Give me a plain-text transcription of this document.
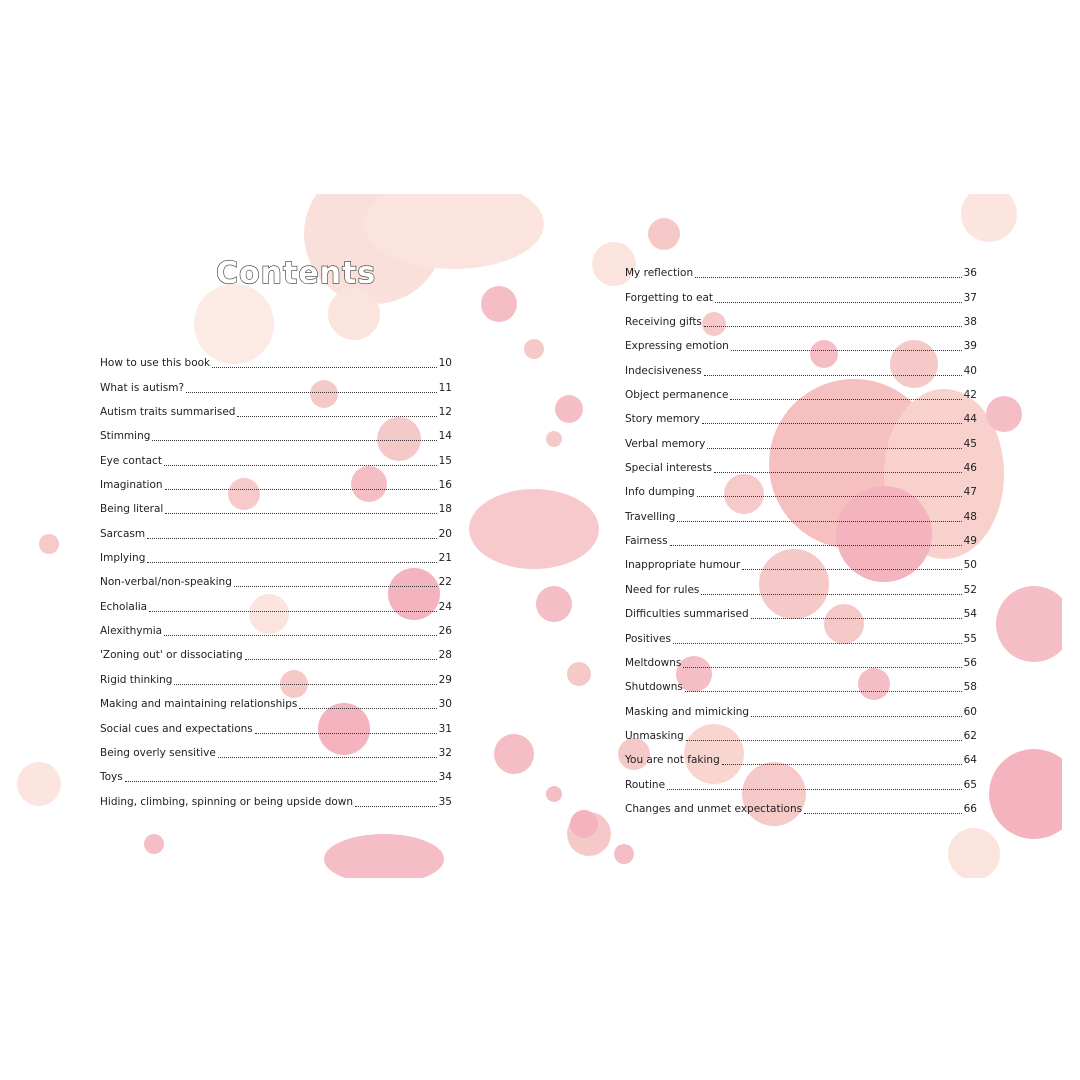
Contents
How to use this book	10
What is autism?	11
Autism traits summarised	12
Stimming	14
Eye contact	15
Imagination	16
Being literal	18
Sarcasm	20
Implying	21
Non-verbal/non-speaking	22
Echolalia	24
Alexithymia	26
'Zoning out' or dissociating	28
Rigid thinking	29
Making and maintaining relationships	30
Social cues and expectations	31
Being overly sensitive	32
Toys	34
Hiding, climbing, spinning or being upside down	35
My reflection	36
Forgetting to eat	37
Receiving gifts	38
Expressing emotion	39
Indecisiveness	40
Object permanence	42
Story memory	44
Verbal memory	45
Special interests	46
Info dumping	47
Travelling	48
Fairness	49
Inappropriate humour	50
Need for rules	52
Difficulties summarised	54
Positives	55
Meltdowns	56
Shutdowns	58
Masking and mimicking	60
Unmasking	62
You are not faking	64
Routine	65
Changes and unmet expectations	66
